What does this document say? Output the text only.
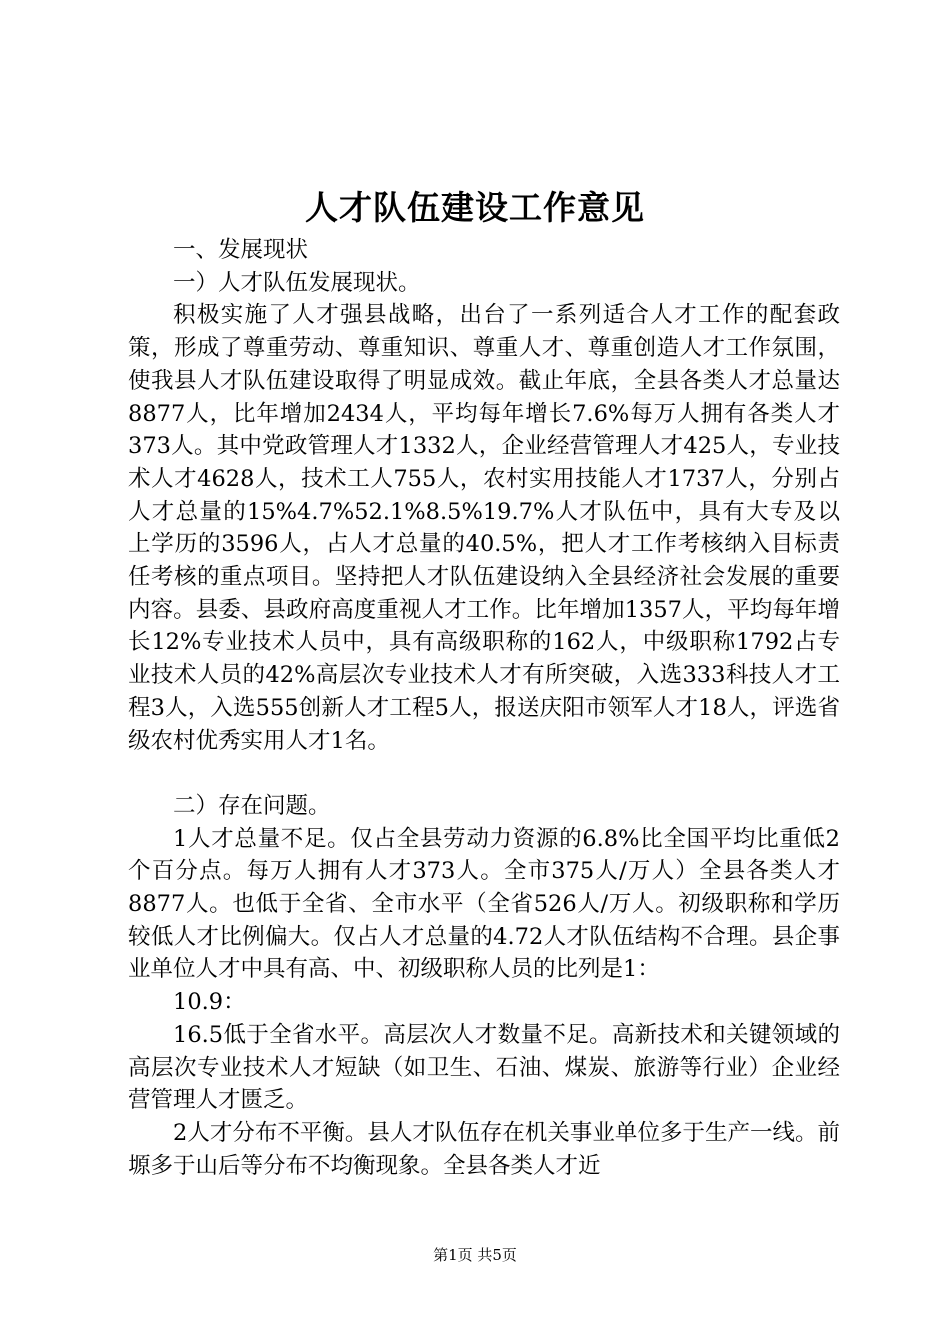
人才队伍建设工作意见

一、发展现状

一）人才队伍发展现状。

积极实施了人才强县战略，出台了一系列适合人才工作的配套政策，形成了尊重劳动、尊重知识、尊重人才、尊重创造人才工作氛围，使我县人才队伍建设取得了明显成效。截止年底，全县各类人才总量达8877人，比年增加2434人，平均每年增长7.6%每万人拥有各类人才373人。其中党政管理人才1332人，企业经营管理人才425人，专业技术人才4628人，技术工人755人，农村实用技能人才1737人，分别占人才总量的15%4.7%52.1%8.5%19.7%人才队伍中，具有大专及以上学历的3596人，占人才总量的40.5%，把人才工作考核纳入目标责任考核的重点项目。坚持把人才队伍建设纳入全县经济社会发展的重要内容。县委、县政府高度重视人才工作。比年增加1357人，平均每年增长12%专业技术人员中，具有高级职称的162人，中级职称1792占专业技术人员的42%高层次专业技术人才有所突破，入选333科技人才工程3人，入选555创新人才工程5人，报送庆阳市领军人才18人，评选省级农村优秀实用人才1名。

二）存在问题。

1人才总量不足。仅占全县劳动力资源的6.8%比全国平均比重低2个百分点。每万人拥有人才373人。全市375人/万人）全县各类人才8877人。也低于全省、全市水平（全省526人/万人。初级职称和学历较低人才比例偏大。仅占人才总量的4.72人才队伍结构不合理。县企事业单位人才中具有高、中、初级职称人员的比列是1：

10.9：

16.5低于全省水平。高层次人才数量不足。高新技术和关键领域的高层次专业技术人才短缺（如卫生、石油、煤炭、旅游等行业）企业经营管理人才匮乏。

2人才分布不平衡。县人才队伍存在机关事业单位多于生产一线。前塬多于山后等分布不均衡现象。全县各类人才近

第1页 共5页
